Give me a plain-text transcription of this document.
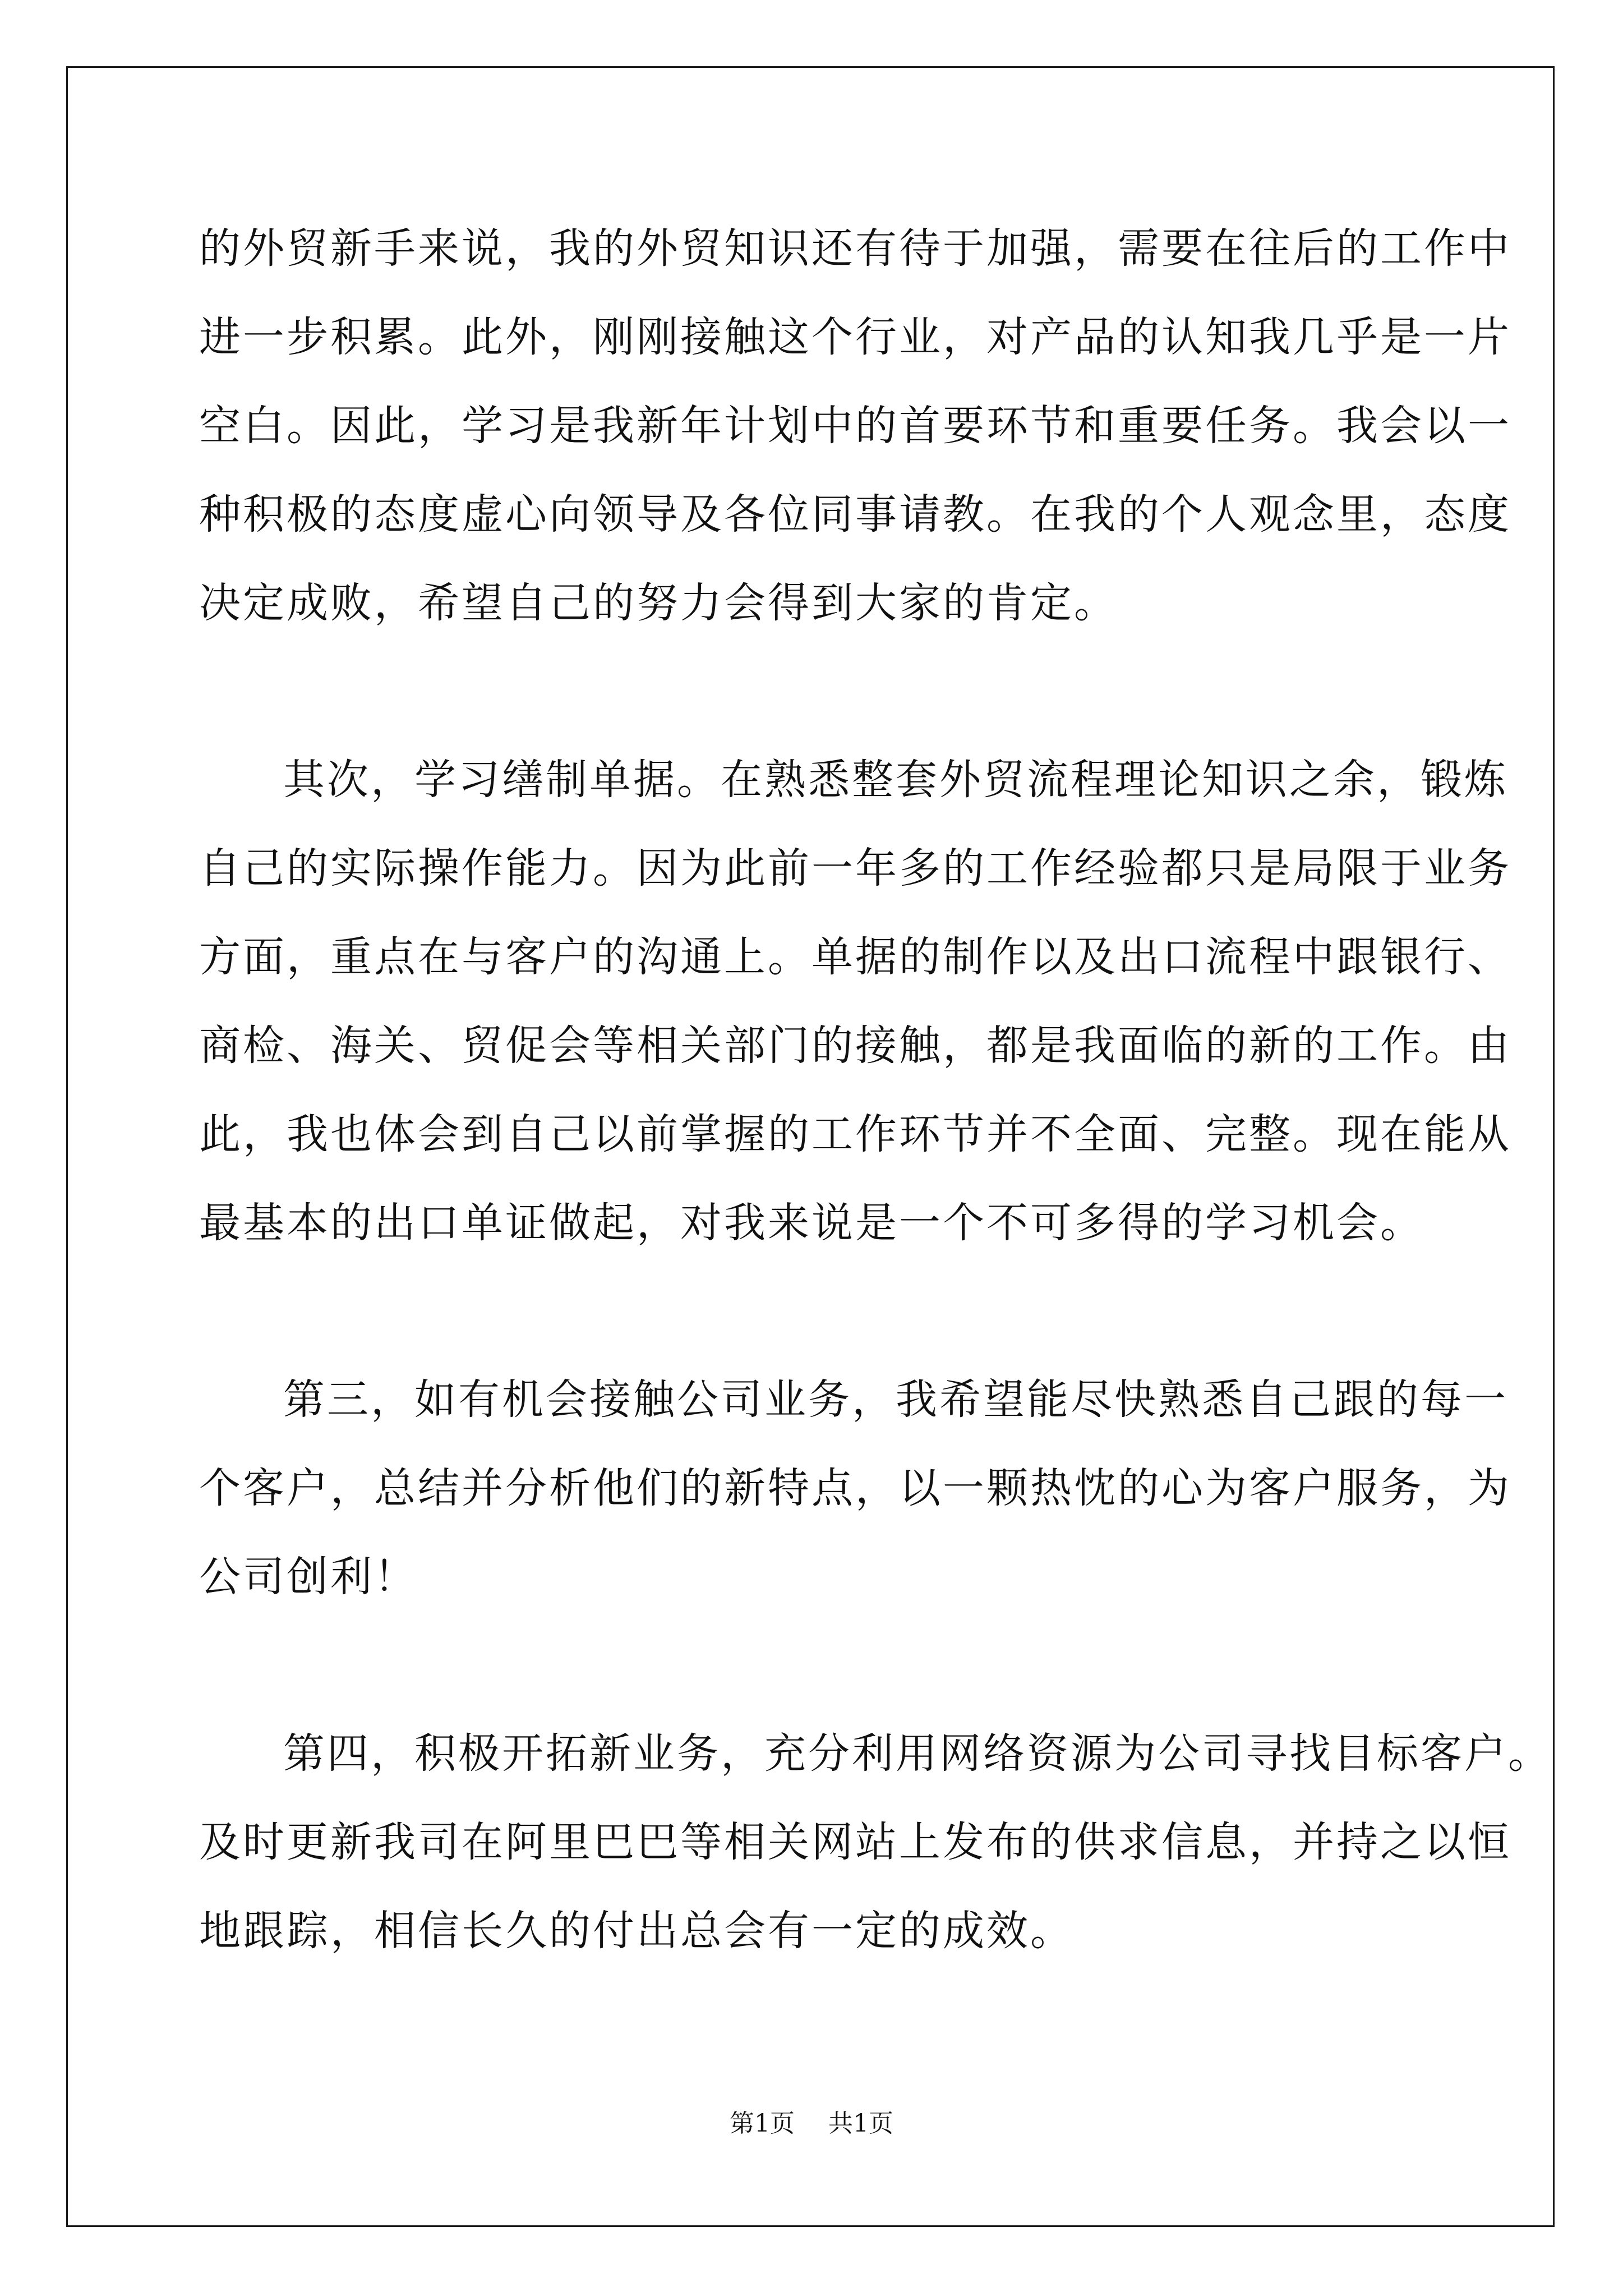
的外贸新手来说，我的外贸知识还有待于加强，需要在往后的工作中
进一步积累。此外，刚刚接触这个行业，对产品的认知我几乎是一片
空白。因此，学习是我新年计划中的首要环节和重要任务。我会以一
种积极的态度虚心向领导及各位同事请教。在我的个人观念里，态度
决定成败，希望自己的努力会得到大家的肯定。
其次，学习缮制单据。在熟悉整套外贸流程理论知识之余，锻炼
自己的实际操作能力。因为此前一年多的工作经验都只是局限于业务
方面，重点在与客户的沟通上。单据的制作以及出口流程中跟银行、
商检、海关、贸促会等相关部门的接触，都是我面临的新的工作。由
此，我也体会到自己以前掌握的工作环节并不全面、完整。现在能从
最基本的出口单证做起，对我来说是一个不可多得的学习机会。
第三，如有机会接触公司业务，我希望能尽快熟悉自己跟的每一
个客户，总结并分析他们的新特点，以一颗热忱的心为客户服务，为
公司创利！
第四，积极开拓新业务，充分利用网络资源为公司寻找目标客户。
及时更新我司在阿里巴巴等相关网站上发布的供求信息，并持之以恒
地跟踪，相信长久的付出总会有一定的成效。
第1页 共1页
